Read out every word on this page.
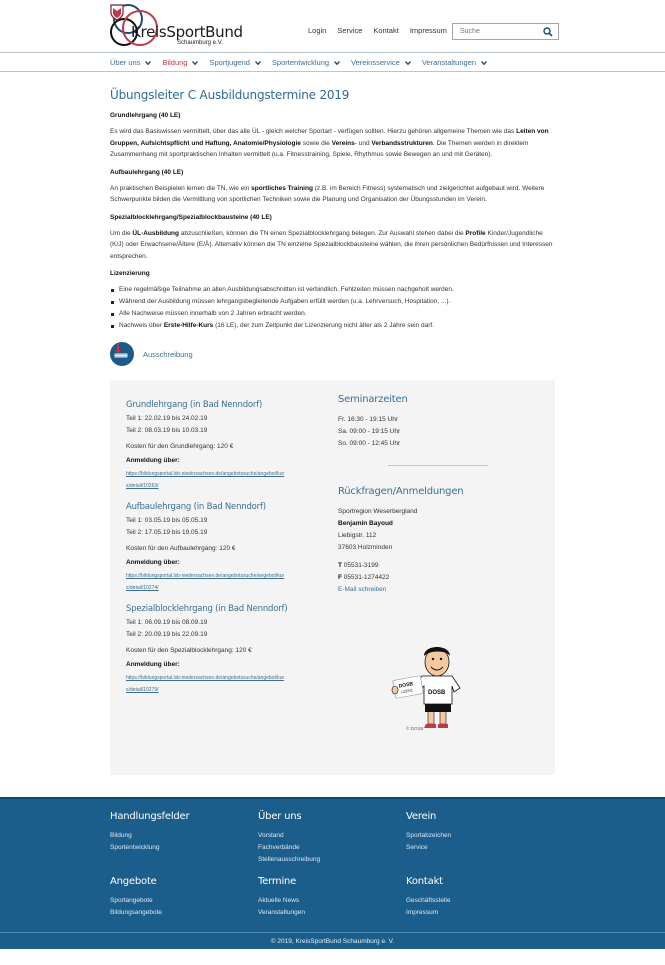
KreisSportBund
Schaumburg e.V.
Login Service Kontakt Impressum
Suche
Über uns	Bildung	Sportjugend	Sportentwicklung	Vereinsservice	Veranstaltungen
Übungsleiter C Ausbildungstermine 2019
Grundlehrgang (40 LE)

Es wird das Basiswissen vermittelt, über das alle ÜL - gleich welcher Sportart - verfügen sollten. Hierzu gehören allgemeine Themen wie das Leiten von Gruppen, Aufsichtspflicht und Haftung, Anatomie/Physiologie sowie die Vereins- und Verbandsstrukturen. Die Themen werden in direktem Zusammenhang mit sportpraktischen Inhalten vermittelt (u.a. Fitnesstraining, Spiele, Rhythmus sowie Bewegen an und mit Geräten).

Aufbaulehrgang (40 LE)

An praktischen Beispielen lernen die TN, wie ein sportliches Training (z.B. im Bereich Fitness) systematisch und zielgerichtet aufgebaut wird. Weitere Schwerpunkte bilden die Vermittlung von sportlichen Techniken sowie die Planung und Organisation der Übungsstunden im Verein.

Spezialblocklehrgang/Spezialblockbausteine (40 LE)

Um die ÜL-Ausbildung abzuschließen, können die TN einen Spezialblocklehrgang belegen. Zur Auswahl stehen dabei die Profile Kinder/Jugendliche (K/J) oder Erwachsene/Ältere (E/Ä). Alternativ können die TN einzelne Spezialblockbausteine wählen, die ihren persönlichen Bedürfnissen und Interessen entsprechen.

Lizenzierung
Eine regelmäßige Teilnahme an allen Ausbildungsabschnitten ist verbindlich. Fehlzeiten müssen nachgeholt werden.
Während der Ausbildung müssen lehrgangsbegleitende Aufgaben erfüllt werden (u.a. Lehrversuch, Hospitation, ...).
Alle Nachweise müssen innerhalb von 2 Jahren erbracht werden.
Nachweis über Erste-Hilfe-Kurs (16 LE), der zum Zeitpunkt der Lizenzierung nicht älter als 2 Jahre sein darf.
Ausschreibung
Grundlehrgang (in Bad Nenndorf)
Teil 1: 22.02.19 bis 24.02.19
Teil 2: 08.03.19 bis 10.03.19
Kosten für den Grundlehrgang: 120 €
Anmeldung über:
https://bildungsportal.lsb-niedersachsen.de/angebotssuche/angebot/kurs/detail/10263/
Aufbaulehrgang (in Bad Nenndorf)
Teil 1: 03.05.19 bis 05.05.19
Teil 2: 17.05.19 bis 19.05.19
Kosten für den Aufbaulehrgang: 120 €
Anmeldung über:
https://bildungsportal.lsb-niedersachsen.de/angebotssuche/angebot/kurs/detail/10274/
Spezialblocklehrgang (in Bad Nenndorf)
Teil 1: 06.09.19 bis 08.09.19
Teil 2: 20.09.19 bis 22.09.19
Kosten für den Spezialblocklehrgang: 120 €
Anmeldung über:
https://bildungsportal.lsb-niedersachsen.de/angebotssuche/angebot/kurs/detail/10279/
Seminarzeiten
Fr. 16:30 - 19:15 Uhr
Sa. 09:00 - 19:15 Uhr
So. 09:00 - 12:45 Uhr
Rückfragen/Anmeldungen
Sportregion Weserbergland
Benjamin Bayoud
Liebigstr. 112
37603 Holzminden
T 05531-3199
F 05531-1274422
E-Mail schreiben
DOSB
DOSB
LIZENZ
© DOSB
Handlungsfelder
Bildung
Sportentwicklung
Über uns
Vorstand
Fachverbände
Stellenausschreibung
Verein
Sportabzeichen
Service
Angebote
Sportangebote
Bildungsangebote
Termine
Aktuelle News
Veranstaltungen
Kontakt
Geschäftsstelle
Impressum
© 2019, KreisSportBund Schaumburg e. V.
